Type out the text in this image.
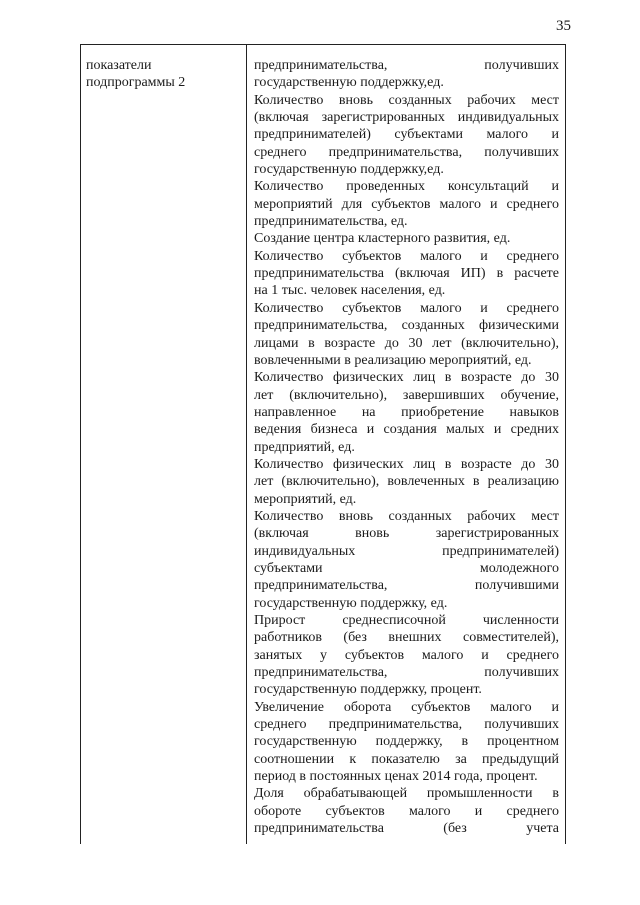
35
показатели
подпрограммы 2
предпринимательства, получивших
государственную поддержку,ед.
Количество вновь созданных рабочих мест
(включая зарегистрированных индивидуальных
предпринимателей) субъектами малого и
среднего предпринимательства, получивших
государственную поддержку,ед.
Количество проведенных консультаций и
мероприятий для субъектов малого и среднего
предпринимательства, ед.
Создание центра кластерного развития, ед.
Количество субъектов малого и среднего
предпринимательства (включая ИП) в расчете
на 1 тыс. человек населения, ед.
Количество субъектов малого и среднего
предпринимательства, созданных физическими
лицами в возрасте до 30 лет (включительно),
вовлеченными в реализацию мероприятий, ед.
Количество физических лиц в возрасте до 30
лет (включительно), завершивших обучение,
направленное на приобретение навыков
ведения бизнеса и создания малых и средних
предприятий, ед.
Количество физических лиц в возрасте до 30
лет (включительно), вовлеченных в реализацию
мероприятий, ед.
Количество вновь созданных рабочих мест
(включая вновь зарегистрированных
индивидуальных предпринимателей)
субъектами молодежного
предпринимательства, получившими
государственную поддержку, ед.
Прирост среднесписочной численности
работников (без внешних совместителей),
занятых у субъектов малого и среднего
предпринимательства, получивших
государственную поддержку, процент.
Увеличение оборота субъектов малого и
среднего предпринимательства, получивших
государственную поддержку, в процентном
соотношении к показателю за предыдущий
период в постоянных ценах 2014 года, процент.
Доля обрабатывающей промышленности в
обороте субъектов малого и среднего
предпринимательства (без учета
